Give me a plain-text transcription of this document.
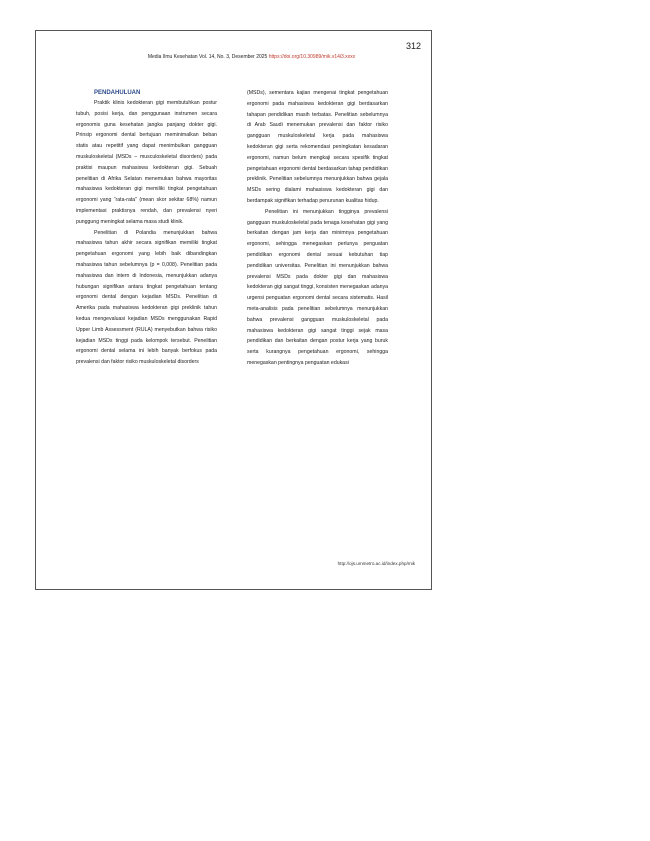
312
Media Ilmu Kesehatan Vol. 14, No. 3, Desember 2025 https://doi.org/10.30989/mik.v14i3.xxxx

PENDAHULUAN

Praktik klinis kedokteran gigi membutuhkan postur tubuh, posisi kerja, dan penggunaan instrumen secara ergonomis guna kesehatan jangka panjang dokter gigi. Prinsip ergonomi dental bertujuan meminimalkan beban statis atau repetitif yang dapat menimbulkan gangguan muskuloskeletal (MSDs – musculoskeletal disorders) pada praktisi maupun mahasiswa kedokteran gigi. Sebuah penelitian di Afrika Selatan menemukan bahwa mayoritas mahasiswa kedokteran gigi memiliki tingkat pengetahuan ergonomi yang “rata-rata” (mean skor sekitar 68%) namun implementasi praktisnya rendah, dan prevalensi nyeri punggung meningkat selama masa studi klinik.

Penelitian di Polandia menunjukkan bahwa mahasiswa tahun akhir secara signifikan memiliki tingkat pengetahuan ergonomi yang lebih baik dibandingkan mahasiswa tahun sebelumnya (p = 0,008). Penelitian pada mahasiswa dan intern di Indonesia, menunjukkan adanya hubungan signifikan antara tingkat pengetahuan tentang ergonomi dental dengan kejadian MSDs. Penelitian di Amerika pada mahasiswa kedokteran gigi preklinik tahun kedua mengevaluasi kejadian MSDs menggunakan Rapid Upper Limb Assessment (RULA) menyebutkan bahwa risiko kejadian MSDs tinggi pada kelompok tersebut. Penelitian ergonomi dental selama ini lebih banyak berfokus pada prevalensi dan faktor risiko muskuloskeletal disorders

(MSDs), sementara kajian mengenai tingkat pengetahuan ergonomi pada mahasiswa kedokteran gigi berdasarkan tahapan pendidikan masih terbatas. Penelitian sebelumnya di Arab Saudi menemukan prevalensi dan faktor risiko gangguan muskuloskeletal kerja pada mahasiswa kedokteran gigi serta rekomendasi peningkatan kesadaran ergonomi, namun belum mengkaji secara spesifik tingkat pengetahuan ergonomi dental berdasarkan tahap pendidikan preklinik. Penelitian sebelumnya menunjukkan bahwa gejala MSDs sering dialami mahasiswa kedokteran gigi dan berdampak signifikan terhadap penurunan kualitas hidup.

Penelitian ini menunjukkan tingginya prevalensi gangguan muskuloskeletal pada tenaga kesehatan gigi yang berkaitan dengan jam kerja dan minimnya pengetahuan ergonomi, sehingga menegaskan perlunya penguatan pendidikan ergonomi dental sesuai kebutuhan tiap pendidikan universitas. Penelitian ini menunjukkan bahwa prevalensi MSDs pada dokter gigi dan mahasiswa kedokteran gigi sangat tinggi, konsisten menegaskan adanya urgensi penguatan ergonomi dental secara sistematis. Hasil meta-analisis pada penelitian sebelumnya menunjukkan bahwa prevalensi gangguan muskuloskeletal pada mahasiswa kedokteran gigi sangat tinggi sejak masa pendidikan dan berkaitan dengan postur kerja yang buruk serta kurangnya pengetahuan ergonomi, sehingga menegaskan pentingnya penguatan edukasi

http://ojs.ummetro.ac.id/index.php/mik
